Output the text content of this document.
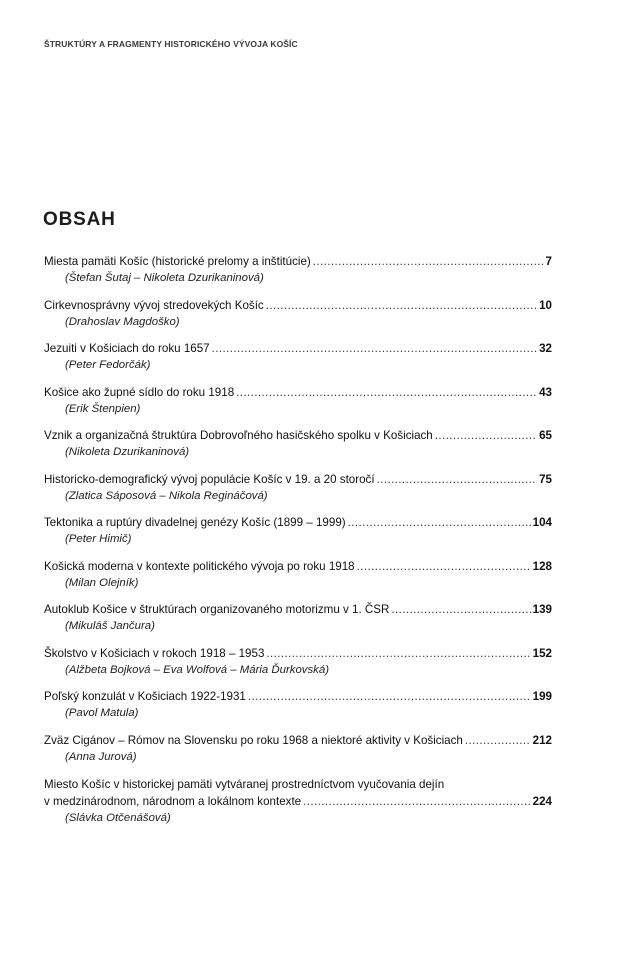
ŠTRUKTÚRY A FRAGMENTY HISTORICKÉHO VÝVOJA KOŠÍC
OBSAH
Miesta pamäti Košíc (historické prelomy a inštitúcie) .....	7
(Štefan Šutaj – Nikoleta Dzurikaninová)
Cirkevnosprávny vývoj stredovekých Košíc .....	10
(Drahoslav Magdoško)
Jezuiti v Košiciach do roku 1657 .....	32
(Peter Fedorčák)
Košice ako župné sídlo do roku 1918 .....	43
(Erik Štenpien)
Vznik a organizačná štruktúra Dobrovoľného hasičského spolku v Košiciach .....	65
(Nikoleta Dzurikaninová)
Historicko-demografický vývoj populácie Košíc v 19. a 20 storočí .....	75
(Zlatica Sáposová – Nikola Regináčová)
Tektonika a ruptúry divadelnej genézy Košíc (1899 – 1999) .....	104
(Peter Himič)
Košická moderna v kontexte politického vývoja po roku 1918 .....	128
(Milan Olejník)
Autoklub Košice v štruktúrach organizovaného motorizmu v 1. ČSR .....	139
(Mikuláš Jančura)
Školstvo v Košiciach v rokoch 1918 – 1953 .....	152
(Alžbeta Bojková – Eva Wolfová – Mária Ďurkovská)
Poľský konzulát v Košiciach 1922-1931 .....	199
(Pavol Matula)
Zväz Cigánov – Rómov na Slovensku po roku 1968 a niektoré aktivity v Košiciach .....	212
(Anna Jurová)
Miesto Košíc v historickej pamäti vytváranej prostredníctvom vyučovania dejín
v medzinárodnom, národnom a lokálnom kontexte .....	224
(Slávka Otčenášová)
